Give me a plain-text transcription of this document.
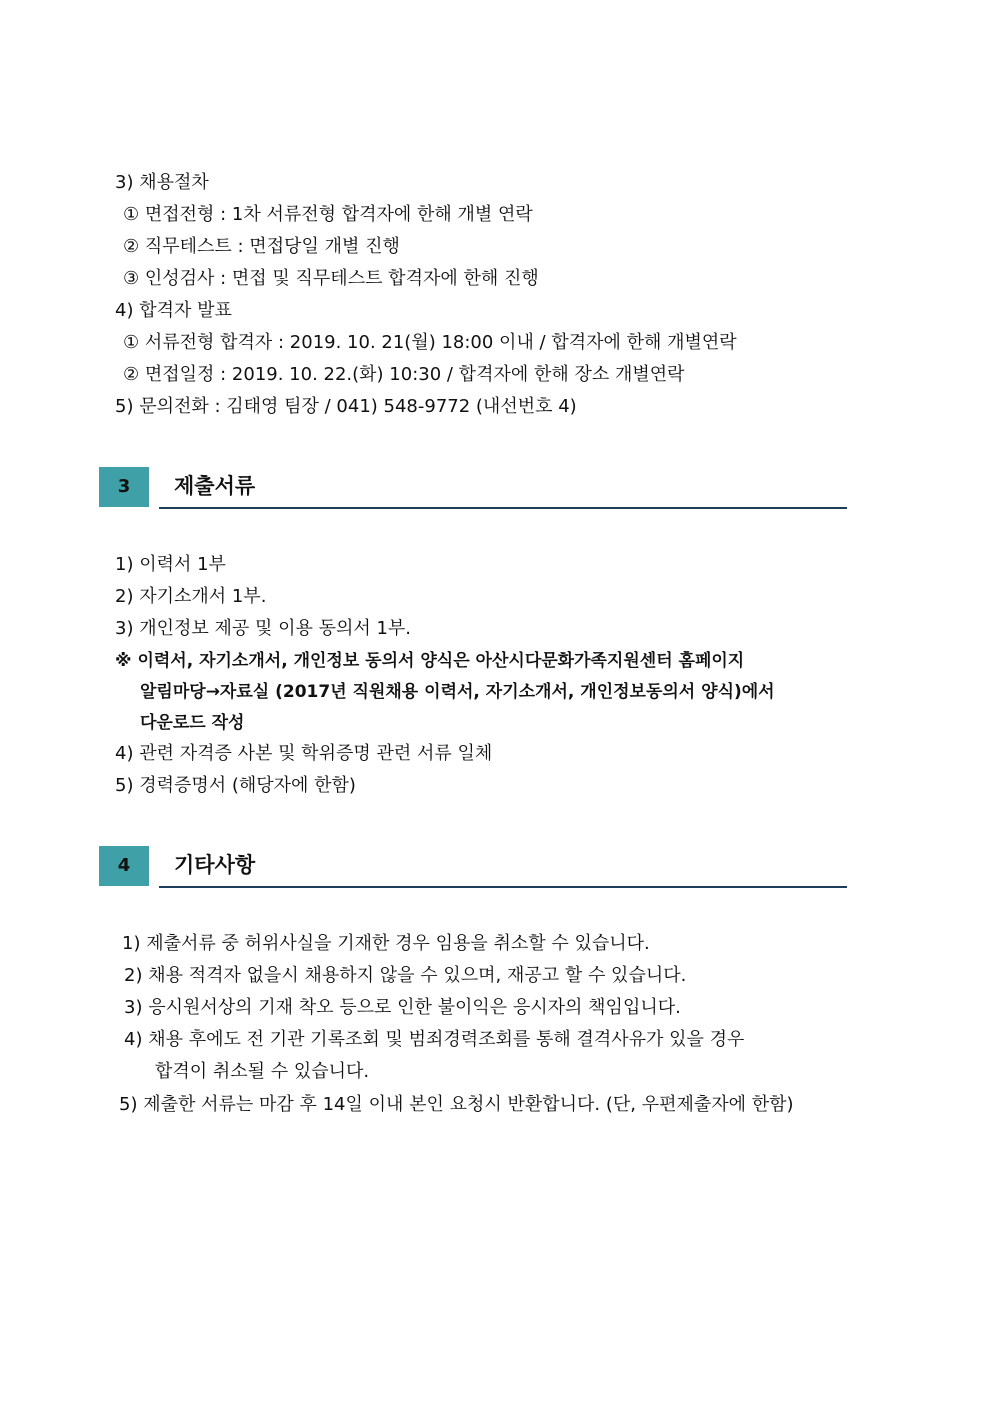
3) 채용절차
① 면접전형 : 1차 서류전형 합격자에 한해 개별 연락
② 직무테스트 : 면접당일 개별 진행
③ 인성검사 : 면접 및 직무테스트 합격자에 한해 진행
4) 합격자 발표
① 서류전형 합격자 : 2019. 10. 21(월) 18:00 이내 / 합격자에 한해 개별연락
② 면접일정 : 2019. 10. 22.(화) 10:30 / 합격자에 한해 장소 개별연락
5) 문의전화 : 김태영 팀장 / 041) 548-9772 (내선번호 4)
3	제출서류
1) 이력서 1부
2) 자기소개서 1부.
3) 개인정보 제공 및 이용 동의서 1부.
※ 이력서, 자기소개서, 개인정보 동의서 양식은 아산시다문화가족지원센터 홈페이지
알림마당→자료실 (2017년 직원채용 이력서, 자기소개서, 개인정보동의서 양식)에서
다운로드 작성
4) 관련 자격증 사본 및 학위증명 관련 서류 일체
5) 경력증명서 (해당자에 한함)
4	기타사항
1) 제출서류 중 허위사실을 기재한 경우 임용을 취소할 수 있습니다.
2) 채용 적격자 없을시 채용하지 않을 수 있으며, 재공고 할 수 있습니다.
3) 응시원서상의 기재 착오 등으로 인한 불이익은 응시자의 책임입니다.
4) 채용 후에도 전 기관 기록조회 및 범죄경력조회를 통해 결격사유가 있을 경우
합격이 취소될 수 있습니다.
5) 제출한 서류는 마감 후 14일 이내 본인 요청시 반환합니다. (단, 우편제출자에 한함)
